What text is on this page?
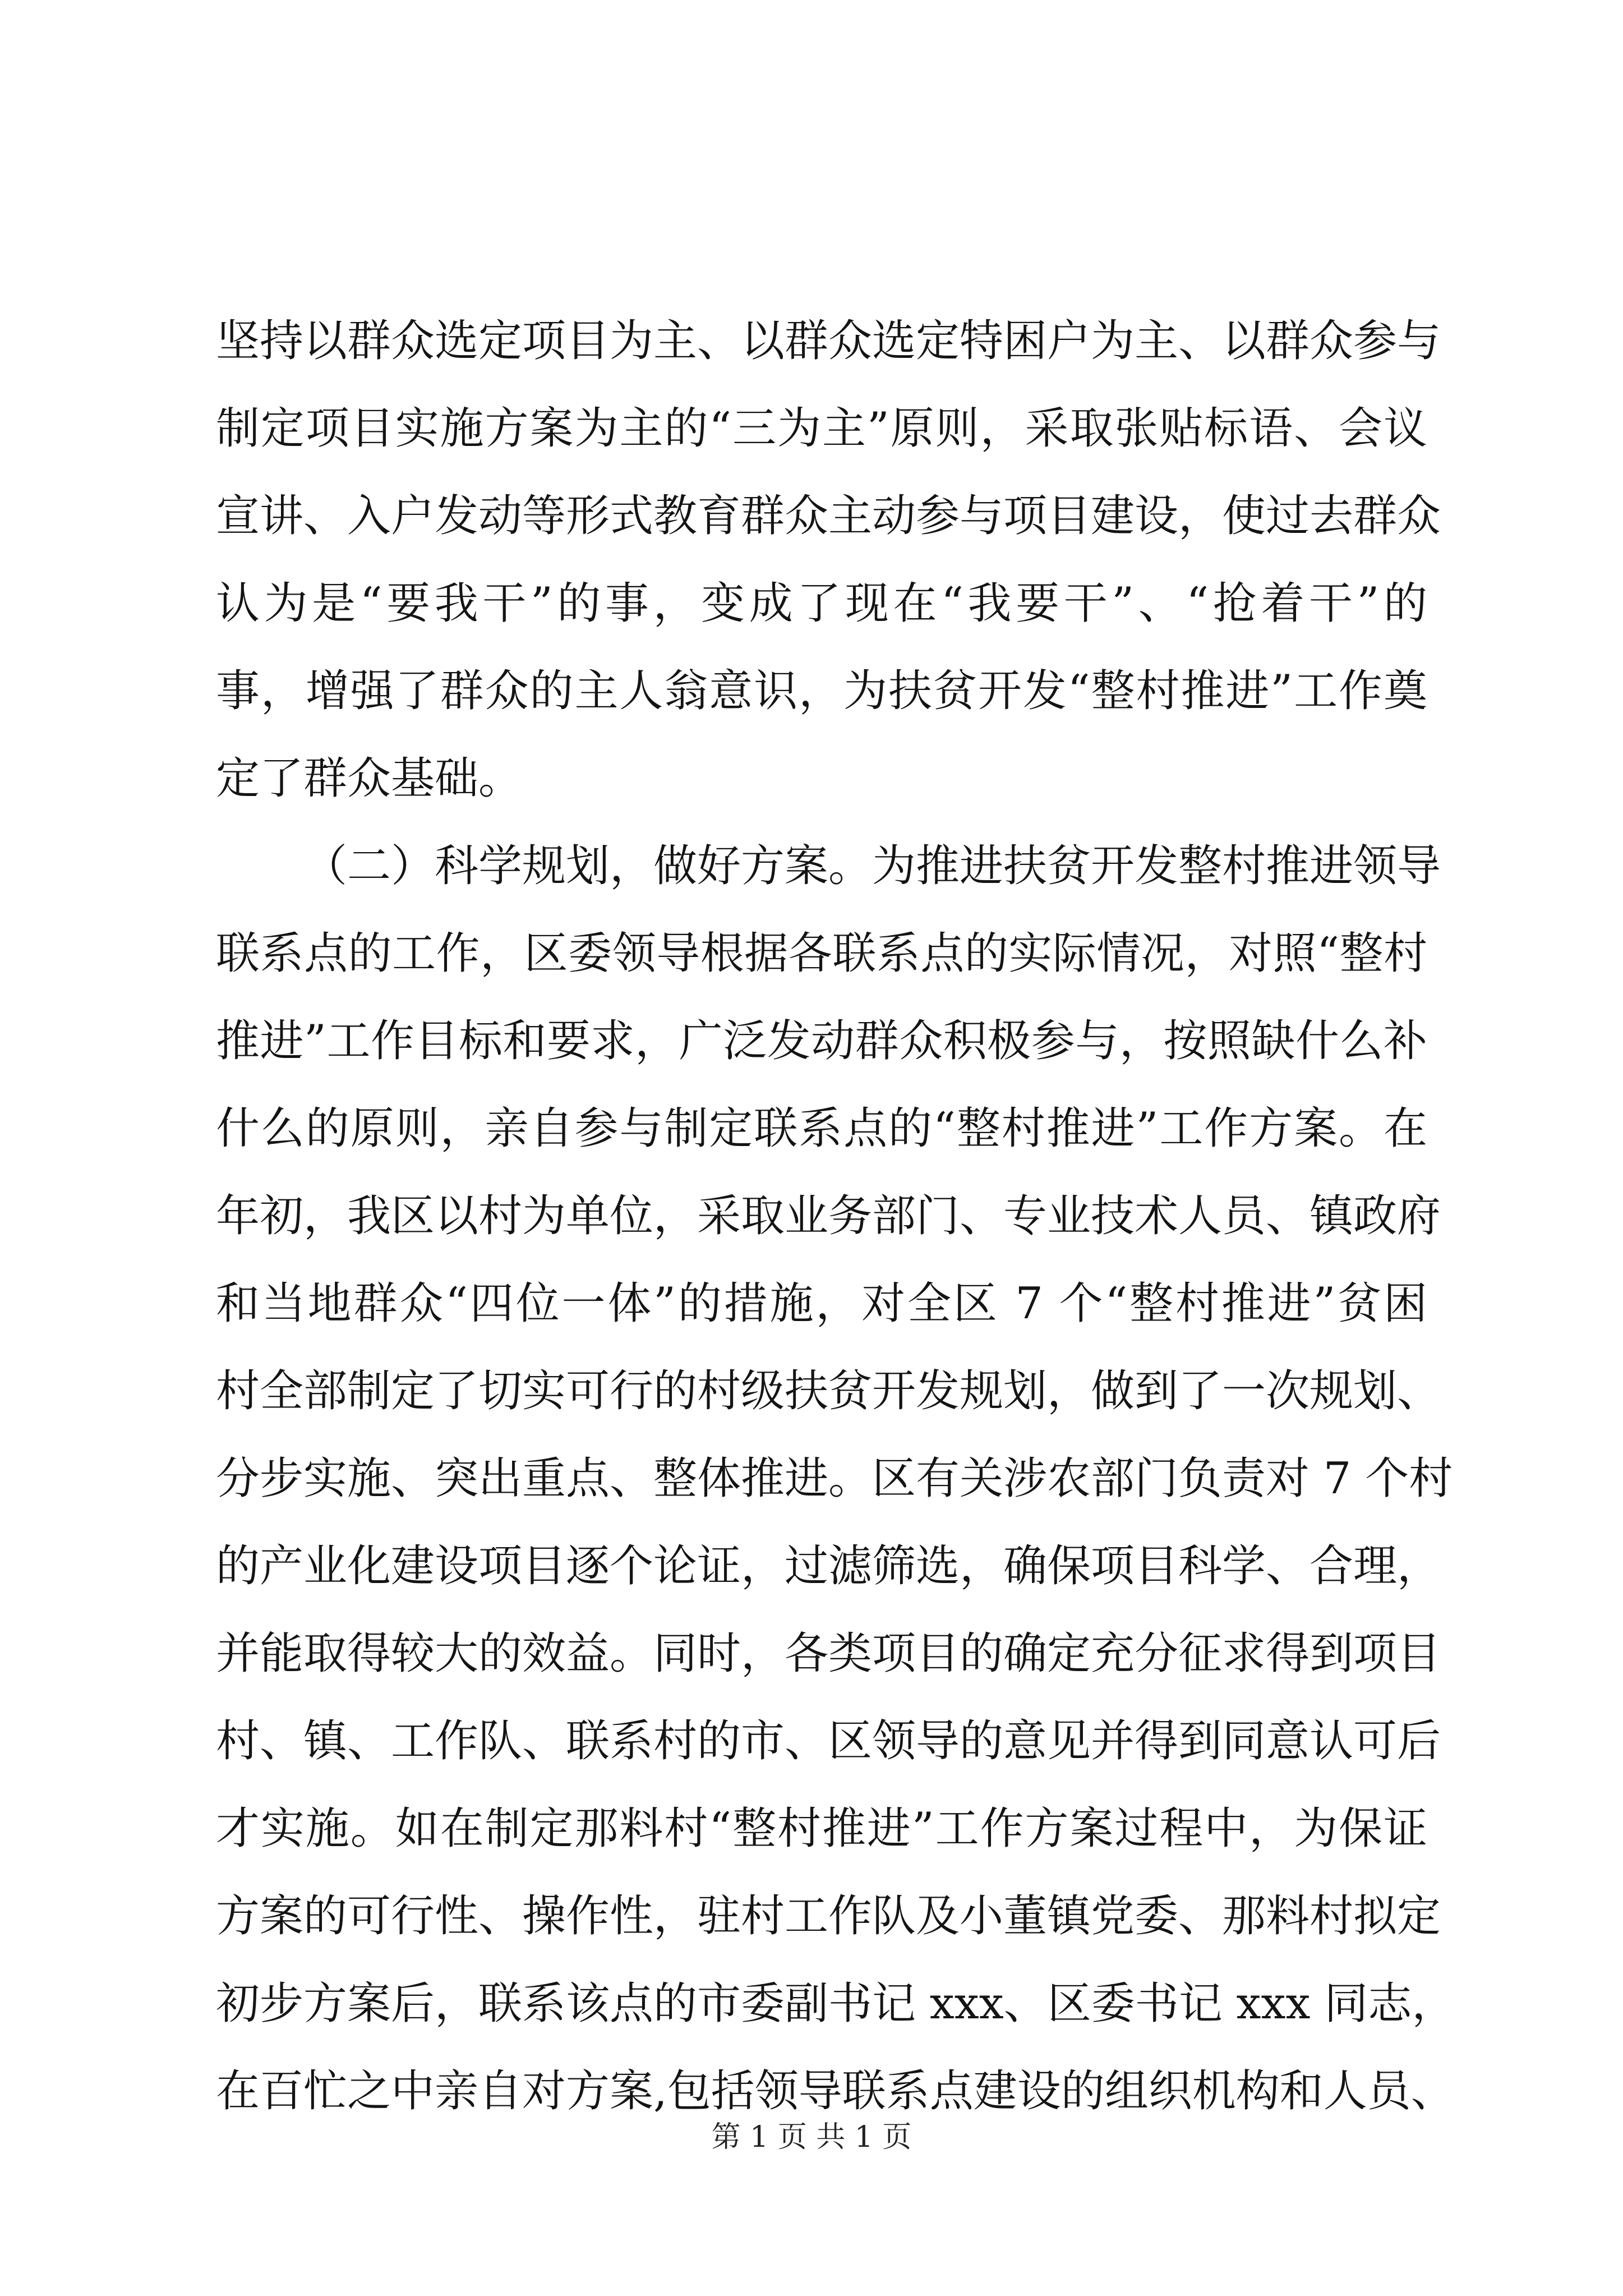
坚持以群众选定项目为主、以群众选定特困户为主、以群众参与
制定项目实施方案为主的“三为主”原则，采取张贴标语、会议
宣讲、入户发动等形式教育群众主动参与项目建设，使过去群众
认为是“要我干”的事，变成了现在“我要干”、“抢着干”的
事，增强了群众的主人翁意识，为扶贫开发“整村推进”工作奠
定了群众基础。
（二）科学规划，做好方案。为推进扶贫开发整村推进领导
联系点的工作，区委领导根据各联系点的实际情况，对照“整村
推进”工作目标和要求，广泛发动群众积极参与，按照缺什么补
什么的原则，亲自参与制定联系点的“整村推进”工作方案。在
年初，我区以村为单位，采取业务部门、专业技术人员、镇政府
和当地群众“四位一体”的措施，对全区 7 个“整村推进”贫困
村全部制定了切实可行的村级扶贫开发规划，做到了一次规划、
分步实施、突出重点、整体推进。区有关涉农部门负责对 7 个村
的产业化建设项目逐个论证，过滤筛选，确保项目科学、合理，
并能取得较大的效益。同时，各类项目的确定充分征求得到项目
村、镇、工作队、联系村的市、区领导的意见并得到同意认可后
才实施。如在制定那料村“整村推进”工作方案过程中，为保证
方案的可行性、操作性，驻村工作队及小董镇党委、那料村拟定
初步方案后，联系该点的市委副书记 xxx、区委书记 xxx 同志，
在百忙之中亲自对方案,包括领导联系点建设的组织机构和人员、
第 1 页 共 1 页
